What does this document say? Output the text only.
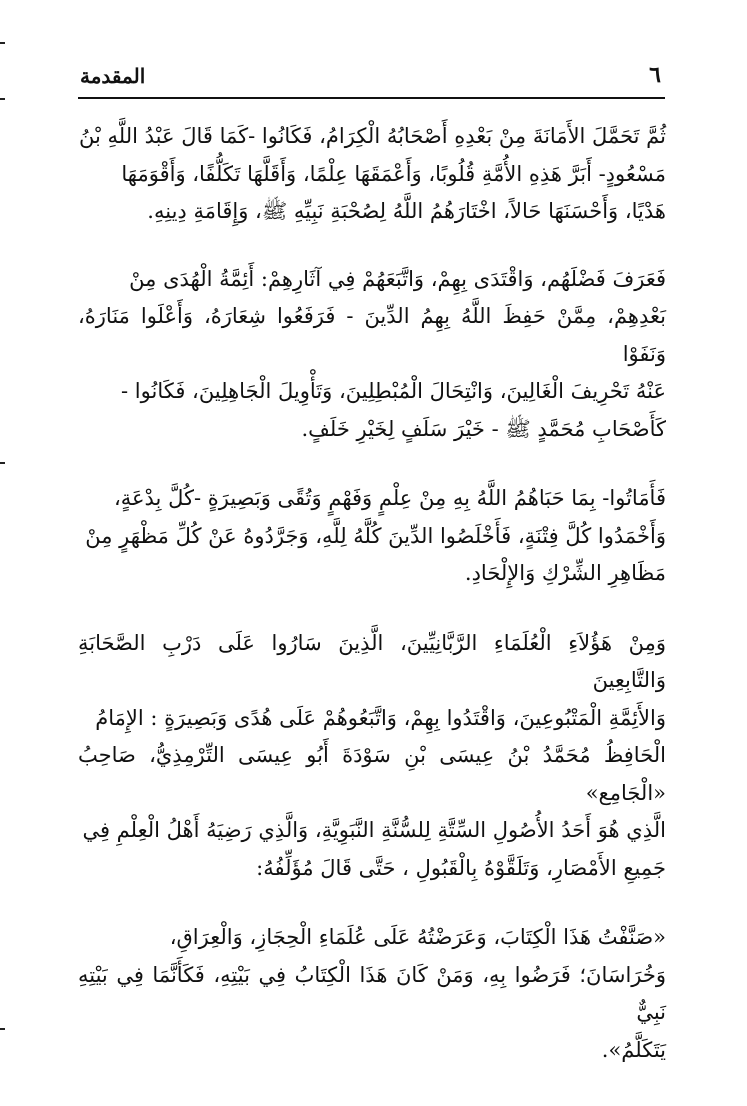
٦
المقدمة

ثُمَّ تَحَمَّلَ الأَمَانَةَ مِنْ بَعْدِهِ أَصْحَابُهُ الْكِرَامُ، فَكَانُوا -كَمَا قَالَ عَبْدُ اللَّهِ بْنُ
مَسْعُودٍ- أَبَرَّ هَذِهِ الأُمَّةِ قُلُوبًا، وَأَعْمَقَهَا عِلْمًا، وَأَقَلَّهَا تَكَلُّفًا، وَأَقْوَمَهَا
هَدْيًا، وَأَحْسَنَهَا حَالاً، اخْتَارَهُمُ اللَّهُ لِصُحْبَةِ نَبِيِّهِ ﷺ، وَإِقَامَةِ دِينِهِ.

فَعَرَفَ فَضْلَهُم، وَاقْتَدَى بِهِمْ، وَاتَّبَعَهُمْ فِي آثَارِهِمْ: أَئِمَّةُ الْهُدَى مِنْ
بَعْدِهِمْ، مِمَّنْ حَفِظَ اللَّهُ بِهِمُ الدِّينَ - فَرَفَعُوا شِعَارَهُ، وَأَعْلَوا مَنَارَهُ، وَنَفَوْا
عَنْهُ تَحْرِيفَ الْغَالِينَ، وَانْتِحَالَ الْمُبْطِلِينَ، وَتَأْوِيلَ الْجَاهِلِينَ، فَكَانُوا -
كَأَصْحَابِ مُحَمَّدٍ ﷺ - خَيْرَ سَلَفٍ لِخَيْرِ خَلَفٍ.

فَأَمَاتُوا- بِمَا حَبَاهُمُ اللَّهُ بِهِ مِنْ عِلْمٍ وَفَهْمٍ وَتُقًى وَبَصِيرَةٍ -كُلَّ بِدْعَةٍ،
وَأَخْمَدُوا كُلَّ فِتْنَةٍ، فَأَخْلَصُوا الدِّينَ كُلَّهُ لِلَّهِ، وَجَرَّدُوهُ عَنْ كُلِّ مَظْهَرٍ مِنْ
مَظَاهِرِ الشِّرْكِ وَالإِلْحَادِ.

وَمِنْ هَؤُلاَءِ الْعُلَمَاءِ الرَّبَّانِيِّينَ، الَّذِينَ سَارُوا عَلَى دَرْبِ الصَّحَابَةِ وَالتَّابِعِينَ
وَالأَئِمَّةِ الْمَتْبُوعِينَ، وَاقْتَدُوا بِهِمْ، وَاتَّبَعُوهُمْ عَلَى هُدًى وَبَصِيرَةٍ : الإِمَامُ
الْحَافِظُ مُحَمَّدُ بْنُ عِيسَى بْنِ سَوْدَةَ أَبُو عِيسَى التِّرْمِذِيُّ، صَاحِبُ «الْجَامِع»
الَّذِي هُوَ أَحَدُ الأُصُولِ السِّتَّةِ لِلسُّنَّةِ النَّبَوِيَّةِ، وَالَّذِي رَضِيَهُ أَهْلُ الْعِلْمِ فِي
جَمِيعِ الأَمْصَارِ، وَتَلَقَّوْهُ بِالْقَبُولِ ، حَتَّى قَالَ مُؤَلِّفُهُ:

«صَنَّفْتُ هَذَا الْكِتَابَ، وَعَرَضْتُهُ عَلَى عُلَمَاءِ الْحِجَازِ، وَالْعِرَاقِ،
وَخُرَاسَانَ؛ فَرَضُوا بِهِ، وَمَنْ كَانَ هَذَا الْكِتَابُ فِي بَيْتِهِ، فَكَأَنَّمَا فِي بَيْتِهِ نَبِيٌّ
يَتَكَلَّمُ».
